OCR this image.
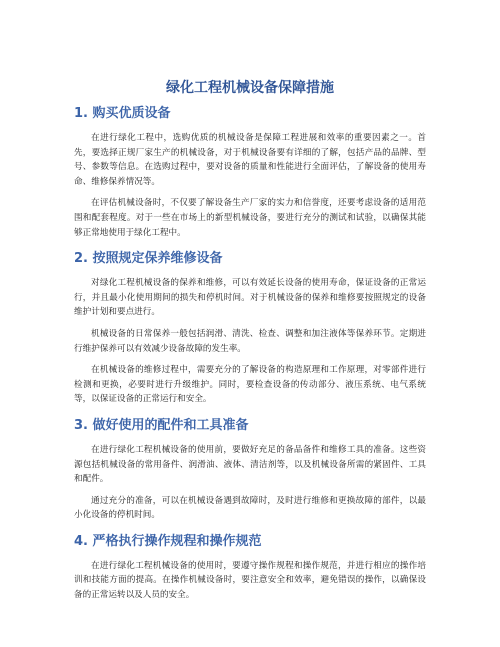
绿化工程机械设备保障措施
1. 购买优质设备

在进行绿化工程中，选购优质的机械设备是保障工程进展和效率的重要因素之一。首先，要选择正规厂家生产的机械设备，对于机械设备要有详细的了解，包括产品的品牌、型号、参数等信息。在选购过程中，要对设备的质量和性能进行全面评估，了解设备的使用寿命、维修保养情况等。

在评估机械设备时，不仅要了解设备生产厂家的实力和信誉度，还要考虑设备的适用范围和配套程度。对于一些在市场上的新型机械设备，要进行充分的测试和试验，以确保其能够正常地使用于绿化工程中。

2. 按照规定保养维修设备

对绿化工程机械设备的保养和维修，可以有效延长设备的使用寿命，保证设备的正常运行，并且最小化使用期间的损失和停机时间。对于机械设备的保养和维修要按照规定的设备维护计划和要点进行。

机械设备的日常保养一般包括润滑、清洗、检查、调整和加注液体等保养环节。定期进行维护保养可以有效减少设备故障的发生率。

在机械设备的维修过程中，需要充分的了解设备的构造原理和工作原理，对零部件进行检测和更换，必要时进行升级维护。同时，要检查设备的传动部分、液压系统、电气系统等，以保证设备的正常运行和安全。

3. 做好使用的配件和工具准备

在进行绿化工程机械设备的使用前，要做好充足的备品备件和维修工具的准备。这些资源包括机械设备的常用备件、润滑油、液体、清洁剂等，以及机械设备所需的紧固件、工具和配件。

通过充分的准备，可以在机械设备遇到故障时，及时进行维修和更换故障的部件，以最小化设备的停机时间。

4. 严格执行操作规程和操作规范

在进行绿化工程机械设备的使用时，要遵守操作规程和操作规范，并进行相应的操作培训和技能方面的提高。在操作机械设备时，要注意安全和效率，避免错误的操作，以确保设备的正常运转以及人员的安全。
